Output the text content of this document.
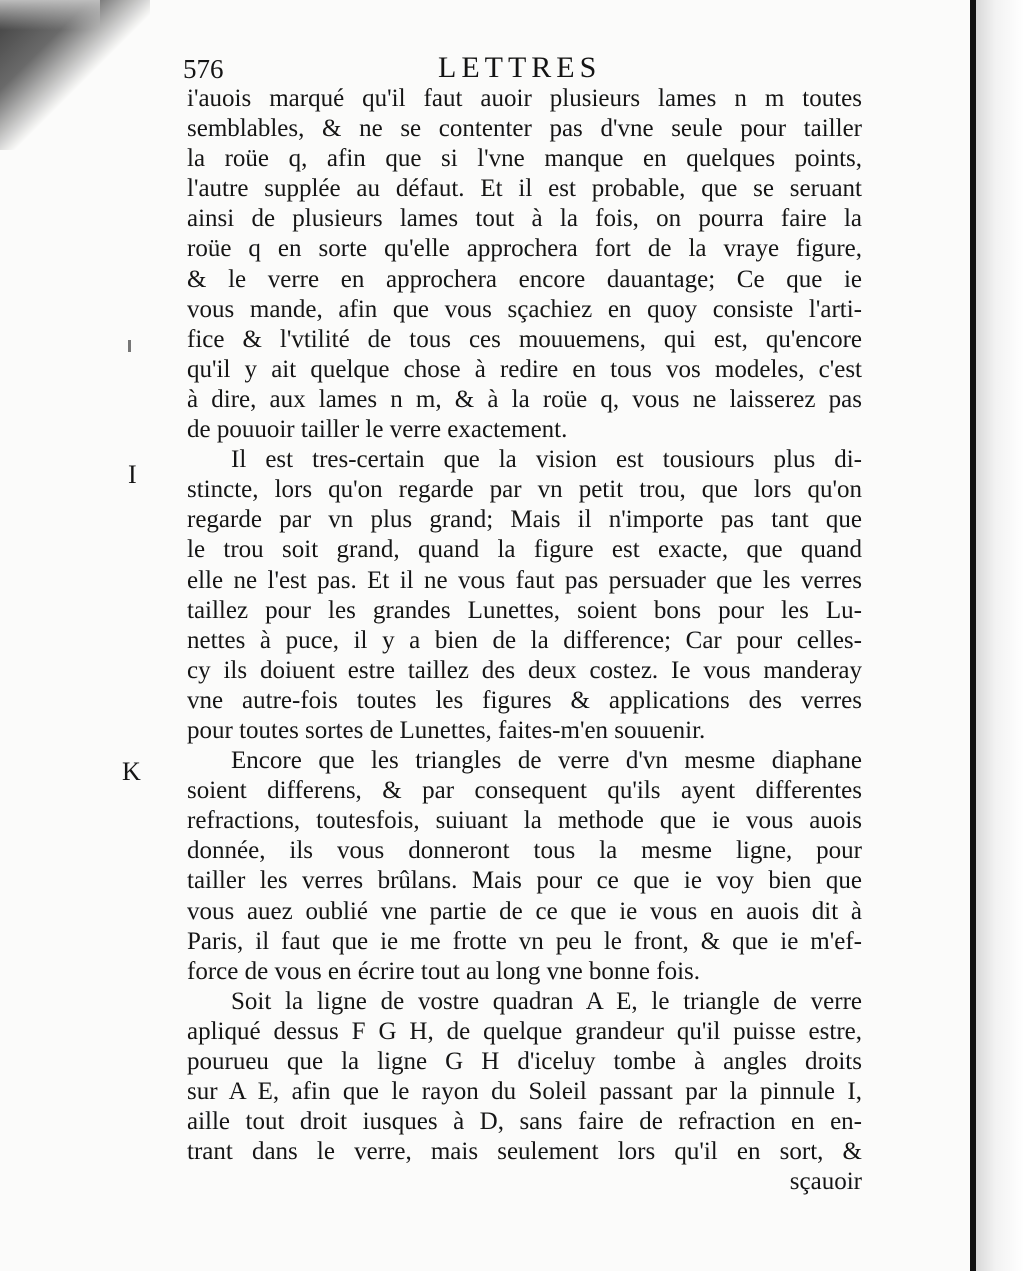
576	LETTRES
I
K
i'auois marqué qu'il faut auoir plusieurs lames n m toutes
semblables, & ne se contenter pas d'vne seule pour tailler
la roüe q, afin que si l'vne manque en quelques points,
l'autre supplée au défaut. Et il est probable, que se seruant
ainsi de plusieurs lames tout à la fois, on pourra faire la
roüe q en sorte qu'elle approchera fort de la vraye figure,
& le verre en approchera encore dauantage; Ce que ie
vous mande, afin que vous sçachiez en quoy consiste l'arti-
fice & l'vtilité de tous ces mouuemens, qui est, qu'encore
qu'il y ait quelque chose à redire en tous vos modeles, c'est
à dire, aux lames n m, & à la roüe q, vous ne laisserez pas
de pouuoir tailler le verre exactement.
Il est tres-certain que la vision est tousiours plus di-
stincte, lors qu'on regarde par vn petit trou, que lors qu'on
regarde par vn plus grand; Mais il n'importe pas tant que
le trou soit grand, quand la figure est exacte, que quand
elle ne l'est pas. Et il ne vous faut pas persuader que les verres
taillez pour les grandes Lunettes, soient bons pour les Lu-
nettes à puce, il y a bien de la difference; Car pour celles-
cy ils doiuent estre taillez des deux costez. Ie vous manderay
vne autre-fois toutes les figures & applications des verres
pour toutes sortes de Lunettes, faites-m'en souuenir.
Encore que les triangles de verre d'vn mesme diaphane
soient differens, & par consequent qu'ils ayent differentes
refractions, toutesfois, suiuant la methode que ie vous auois
donnée, ils vous donneront tous la mesme ligne, pour
tailler les verres brûlans. Mais pour ce que ie voy bien que
vous auez oublié vne partie de ce que ie vous en auois dit à
Paris, il faut que ie me frotte vn peu le front, & que ie m'ef-
force de vous en écrire tout au long vne bonne fois.
Soit la ligne de vostre quadran A E, le triangle de verre
apliqué dessus F G H, de quelque grandeur qu'il puisse estre,
pourueu que la ligne G H d'iceluy tombe à angles droits
sur A E, afin que le rayon du Soleil passant par la pinnule I,
aille tout droit iusques à D, sans faire de refraction en en-
trant dans le verre, mais seulement lors qu'il en sort, &
sçauoir
